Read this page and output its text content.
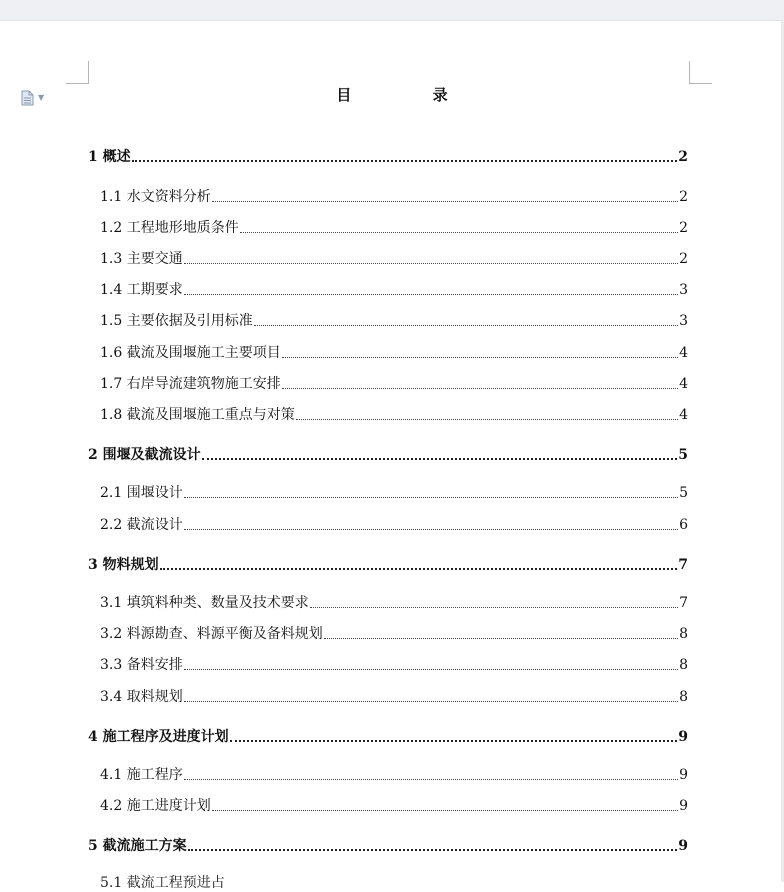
▼	目 录
1 概述	2
1.1 水文资料分析	2
1.2 工程地形地质条件	2
1.3 主要交通	2
1.4 工期要求	3
1.5 主要依据及引用标准	3
1.6 截流及围堰施工主要项目	4
1.7 右岸导流建筑物施工安排	4
1.8 截流及围堰施工重点与对策	4
2 围堰及截流设计	5
2.1 围堰设计	5
2.2 截流设计	6
3 物料规划	7
3.1 填筑料种类、数量及技术要求	7
3.2 料源勘查、料源平衡及备料规划	8
3.3 备料安排	8
3.4 取料规划	8
4 施工程序及进度计划	9
4.1 施工程序	9
4.2 施工进度计划	9
5 截流施工方案	9
5.1 截流工程预进占
